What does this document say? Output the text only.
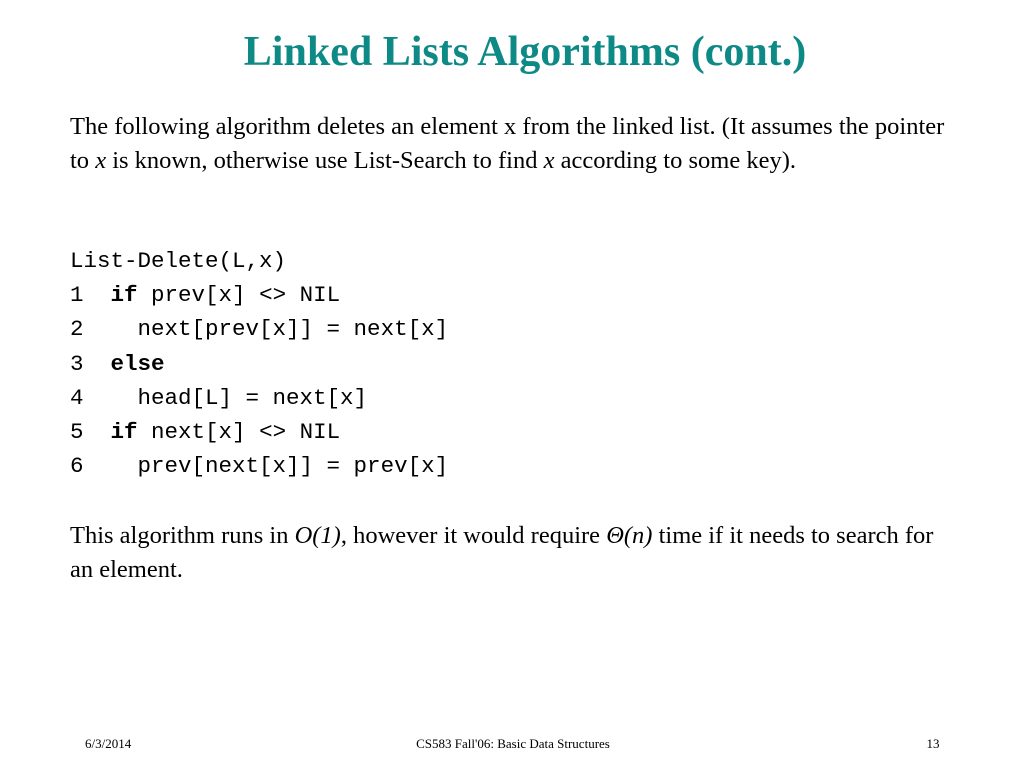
Linked Lists Algorithms (cont.)
The following algorithm deletes an element x from the linked list. (It assumes the pointer to x is known, otherwise use List-Search to find x according to some key).
List-Delete(L,x)
1 if prev[x] <> NIL
2    next[prev[x]] = next[x]
3 else
4    head[L] = next[x]
5 if next[x] <> NIL
6    prev[next[x]] = prev[x]
This algorithm runs in O(1), however it would require Θ(n) time if it needs to search for an element.
6/3/2014	CS583 Fall'06: Basic Data Structures	13
